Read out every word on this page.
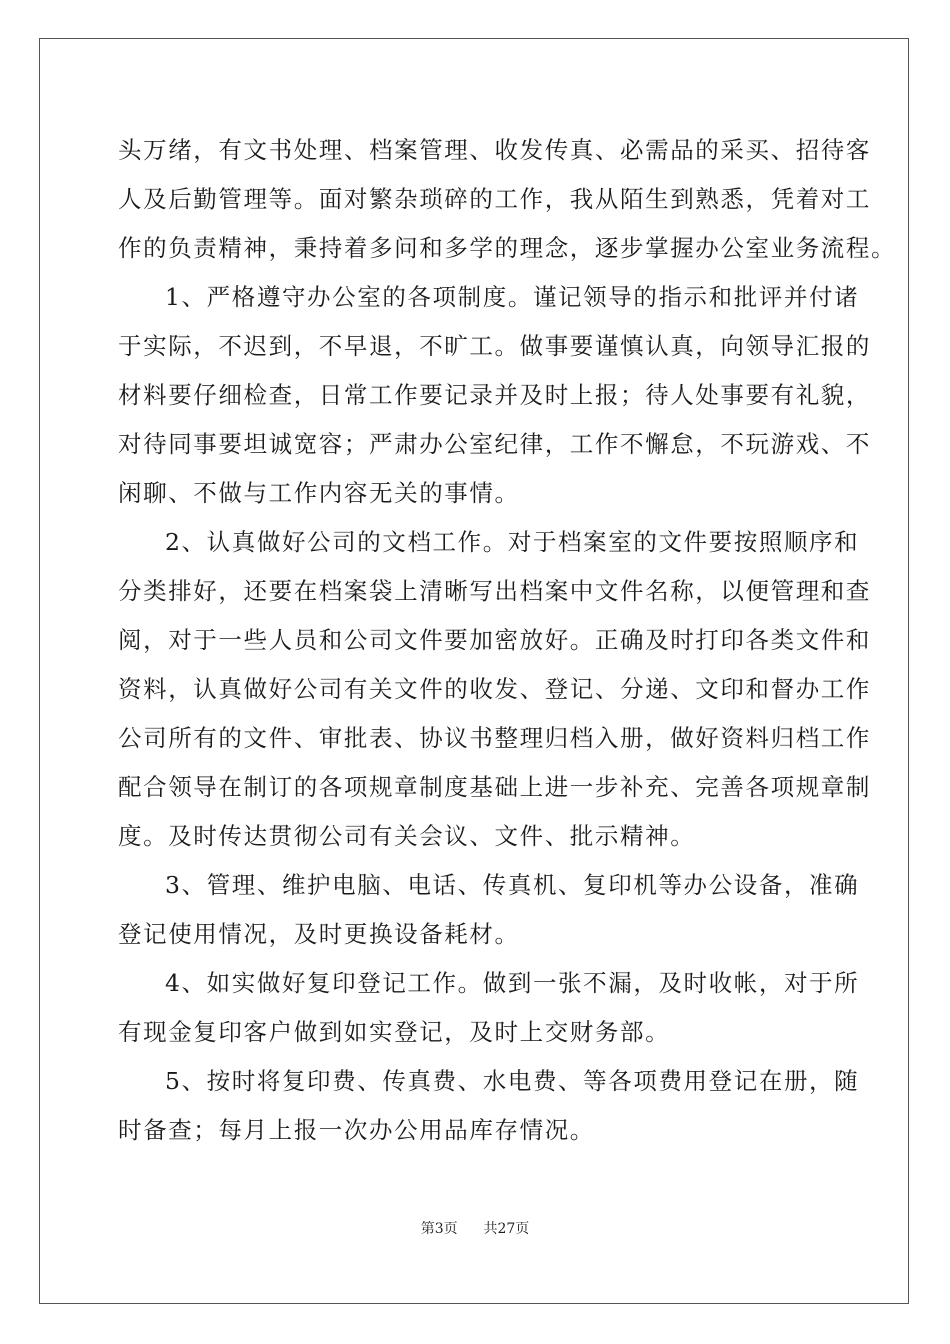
头万绪，有文书处理、档案管理、收发传真、必需品的采买、招待客
人及后勤管理等。面对繁杂琐碎的工作，我从陌生到熟悉，凭着对工
作的负责精神，秉持着多问和多学的理念，逐步掌握办公室业务流程。
1、严格遵守办公室的各项制度。谨记领导的指示和批评并付诸
于实际，不迟到，不早退，不旷工。做事要谨慎认真，向领导汇报的
材料要仔细检查，日常工作要记录并及时上报；待人处事要有礼貌，
对待同事要坦诚宽容；严肃办公室纪律，工作不懈怠，不玩游戏、不
闲聊、不做与工作内容无关的事情。
2、认真做好公司的文档工作。对于档案室的文件要按照顺序和
分类排好，还要在档案袋上清晰写出档案中文件名称，以便管理和查
阅，对于一些人员和公司文件要加密放好。正确及时打印各类文件和
资料，认真做好公司有关文件的收发、登记、分递、文印和督办工作
公司所有的文件、审批表、协议书整理归档入册，做好资料归档工作
配合领导在制订的各项规章制度基础上进一步补充、完善各项规章制
度。及时传达贯彻公司有关会议、文件、批示精神。
3、管理、维护电脑、电话、传真机、复印机等办公设备，准确
登记使用情况，及时更换设备耗材。
4、如实做好复印登记工作。做到一张不漏，及时收帐，对于所
有现金复印客户做到如实登记，及时上交财务部。
5、按时将复印费、传真费、水电费、等各项费用登记在册，随
时备查；每月上报一次办公用品库存情况。
第3页 共27页
